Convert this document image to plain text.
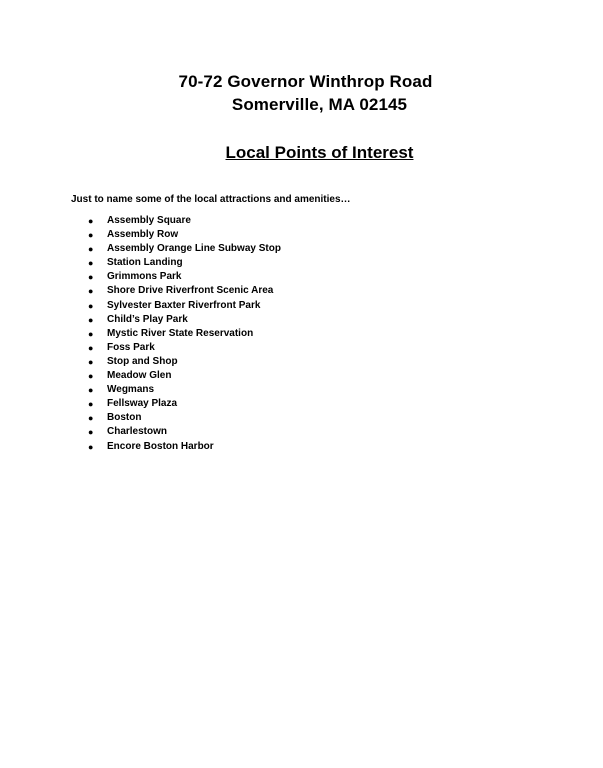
70-72 Governor Winthrop Road
Somerville, MA 02145
Local Points of Interest
Just to name some of the local attractions and amenities…
● Assembly Square
● Assembly Row
● Assembly Orange Line Subway Stop
● Station Landing
● Grimmons Park
● Shore Drive Riverfront Scenic Area
● Sylvester Baxter Riverfront Park
● Child’s Play Park
● Mystic River State Reservation
● Foss Park
● Stop and Shop
● Meadow Glen
● Wegmans
● Fellsway Plaza
● Boston
● Charlestown
● Encore Boston Harbor
